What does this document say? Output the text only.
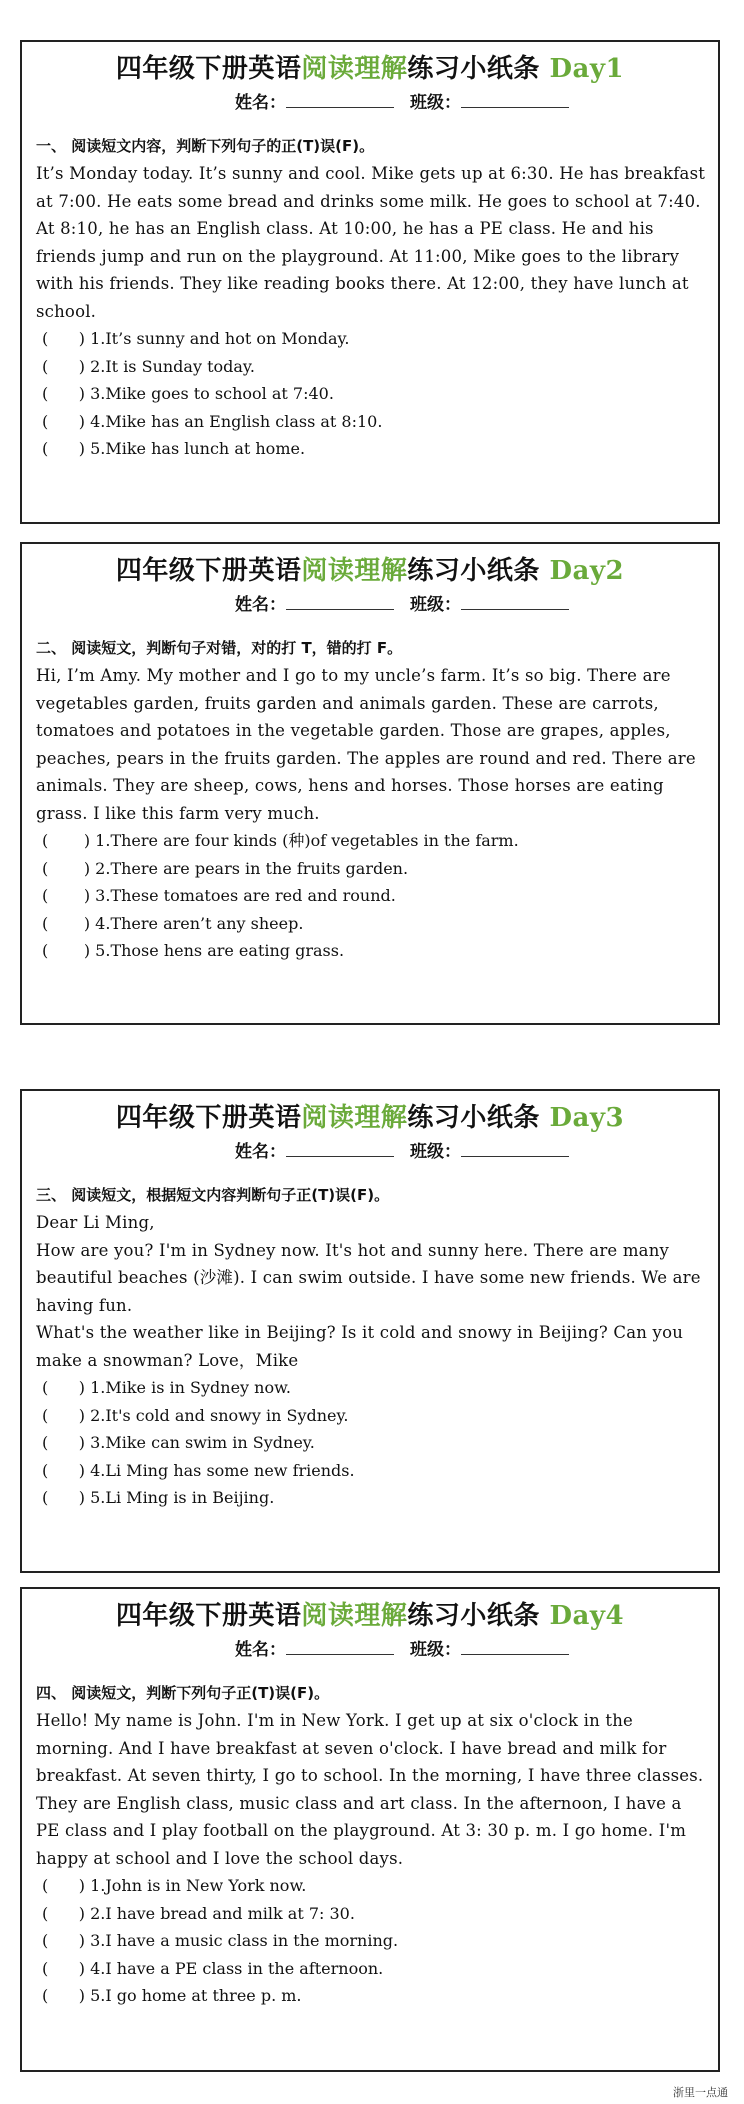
四年级下册英语阅读理解练习小纸条 Day1
姓名：	班级：
一、 阅读短文内容，判断下列句子的正(T)误(F)。
It’s Monday today. It’s sunny and cool. Mike gets up at 6:30. He has breakfast at 7:00. He eats some bread and drinks some milk. He goes to school at 7:40. At 8:10, he has an English class. At 10:00, he has a PE class. He and his friends jump and run on the playground. At 11:00, Mike goes to the library with his friends. They like reading books there. At 12:00, they have lunch at school.
(      ) 1.It’s sunny and hot on Monday.
(      ) 2.It is Sunday today.
(      ) 3.Mike goes to school at 7:40.
(      ) 4.Mike has an English class at 8:10.
(      ) 5.Mike has lunch at home.
四年级下册英语阅读理解练习小纸条 Day2
姓名：	班级：
二、 阅读短文，判断句子对错，对的打 T，错的打 F。
Hi, I’m Amy. My mother and I go to my uncle’s farm. It’s so big. There are vegetables garden, fruits garden and animals garden. These are carrots, tomatoes and potatoes in the vegetable garden. Those are grapes, apples, peaches, pears in the fruits garden. The apples are round and red. There are animals. They are sheep, cows, hens and horses. Those horses are eating grass. I like this farm very much.
(       ) 1.There are four kinds (种)of vegetables in the farm.
(       ) 2.There are pears in the fruits garden.
(       ) 3.These tomatoes are red and round.
(       ) 4.There aren’t any sheep.
(       ) 5.Those hens are eating grass.
四年级下册英语阅读理解练习小纸条 Day3
姓名：	班级：
三、 阅读短文，根据短文内容判断句子正(T)误(F)。
Dear Li Ming,
How are you? I'm in Sydney now. It's hot and sunny here. There are many beautiful beaches (沙滩). I can swim outside. I have some new friends. We are having fun.
What's the weather like in Beijing? Is it cold and snowy in Beijing? Can you make a snowman? Love，Mike
(      ) 1.Mike is in Sydney now.
(      ) 2.It's cold and snowy in Sydney.
(      ) 3.Mike can swim in Sydney.
(      ) 4.Li Ming has some new friends.
(      ) 5.Li Ming is in Beijing.
四年级下册英语阅读理解练习小纸条 Day4
姓名：	班级：
四、 阅读短文，判断下列句子正(T)误(F)。
Hello! My name is John. I'm in New York. I get up at six o'clock in the morning. And I have breakfast at seven o'clock. I have bread and milk for breakfast. At seven thirty, I go to school. In the morning, I have three classes. They are English class, music class and art class. In the afternoon, I have a PE class and I play football on the playground. At 3: 30 p. m. I go home. I'm happy at school and I love the school days.
(      ) 1.John is in New York now.
(      ) 2.I have bread and milk at 7: 30.
(      ) 3.I have a music class in the morning.
(      ) 4.I have a PE class in the afternoon.
(      ) 5.I go home at three p. m.
浙里一点通
